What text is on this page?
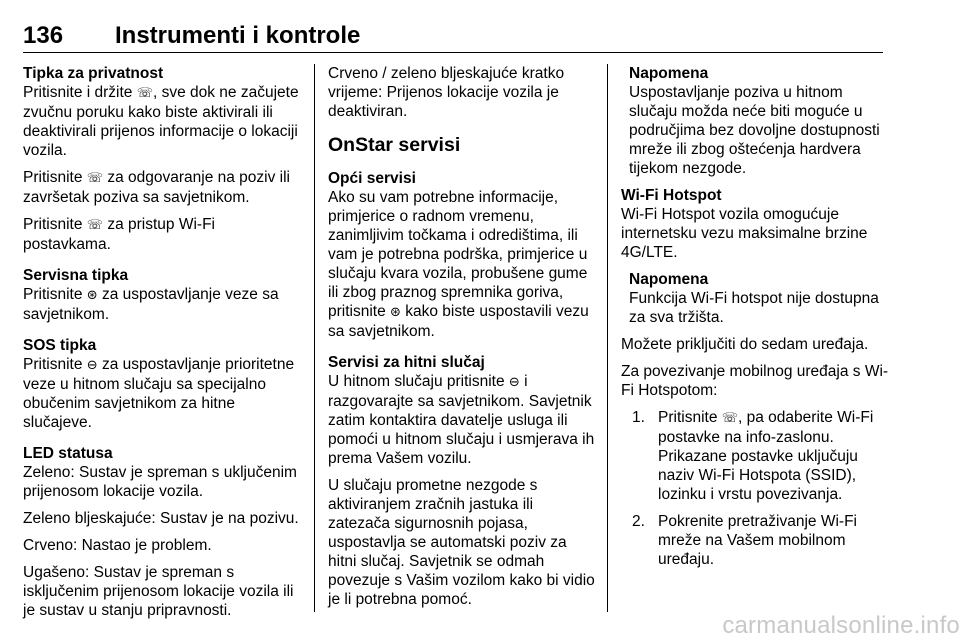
136 Instrumenti i kontrole
Tipka za privatnost

Pritisnite i držite ☏, sve dok ne začujete zvučnu poruku kako biste aktivirali ili deaktivirali prijenos informacije o lokaciji vozila.

Pritisnite ☏ za odgovaranje na poziv ili završetak poziva sa savjetnikom.

Pritisnite ☏ za pristup Wi-Fi postavkama.

Servisna tipka

Pritisnite ⊛ za uspostavljanje veze sa savjetnikom.

SOS tipka

Pritisnite ⊖ za uspostavljanje prioritetne veze u hitnom slučaju sa specijalno obučenim savjetnikom za hitne slučajeve.

LED statusa

Zeleno: Sustav je spreman s uključenim prijenosom lokacije vozila.

Zeleno bljeskajuće: Sustav je na pozivu.

Crveno: Nastao je problem.

Ugašeno: Sustav je spreman s isključenim prijenosom lokacije vozila ili je sustav u stanju pripravnosti.

Crveno / zeleno bljeskajuće kratko vrijeme: Prijenos lokacije vozila je deaktiviran.

OnStar servisi
Opći servisi

Ako su vam potrebne informacije, primjerice o radnom vremenu, zanimljivim točkama i odredištima, ili vam je potrebna podrška, primjerice u slučaju kvara vozila, probušene gume ili zbog praznog spremnika goriva, pritisnite ⊛ kako biste uspostavili vezu sa savjetnikom.

Servisi za hitni slučaj

U hitnom slučaju pritisnite ⊖ i razgovarajte sa savjetnikom. Savjetnik zatim kontaktira davatelje usluga ili pomoći u hitnom slučaju i usmjerava ih prema Vašem vozilu.

U slučaju prometne nezgode s aktiviranjem zračnih jastuka ili zatezača sigurnosnih pojasa, uspostavlja se automatski poziv za hitni slučaj. Savjetnik se odmah povezuje s Vašim vozilom kako bi vidio je li potrebna pomoć.

Napomena

Uspostavljanje poziva u hitnom slučaju možda neće biti moguće u područjima bez dovoljne dostupnosti mreže ili zbog oštećenja hardvera tijekom nezgode.

Wi-Fi Hotspot

Wi-Fi Hotspot vozila omogućuje internetsku vezu maksimalne brzine 4G/LTE.

Napomena

Funkcija Wi-Fi hotspot nije dostupna za sva tržišta.

Možete priključiti do sedam uređaja.

Za povezivanje mobilnog uređaja s Wi-Fi Hotspotom:

1. Pritisnite ☏, pa odaberite Wi-Fi postavke na info-zaslonu. Prikazane postavke uključuju naziv Wi-Fi Hotspota (SSID), lozinku i vrstu povezivanja.
2. Pokrenite pretraživanje Wi-Fi mreže na Vašem mobilnom uređaju.
carmanualsonline.info
